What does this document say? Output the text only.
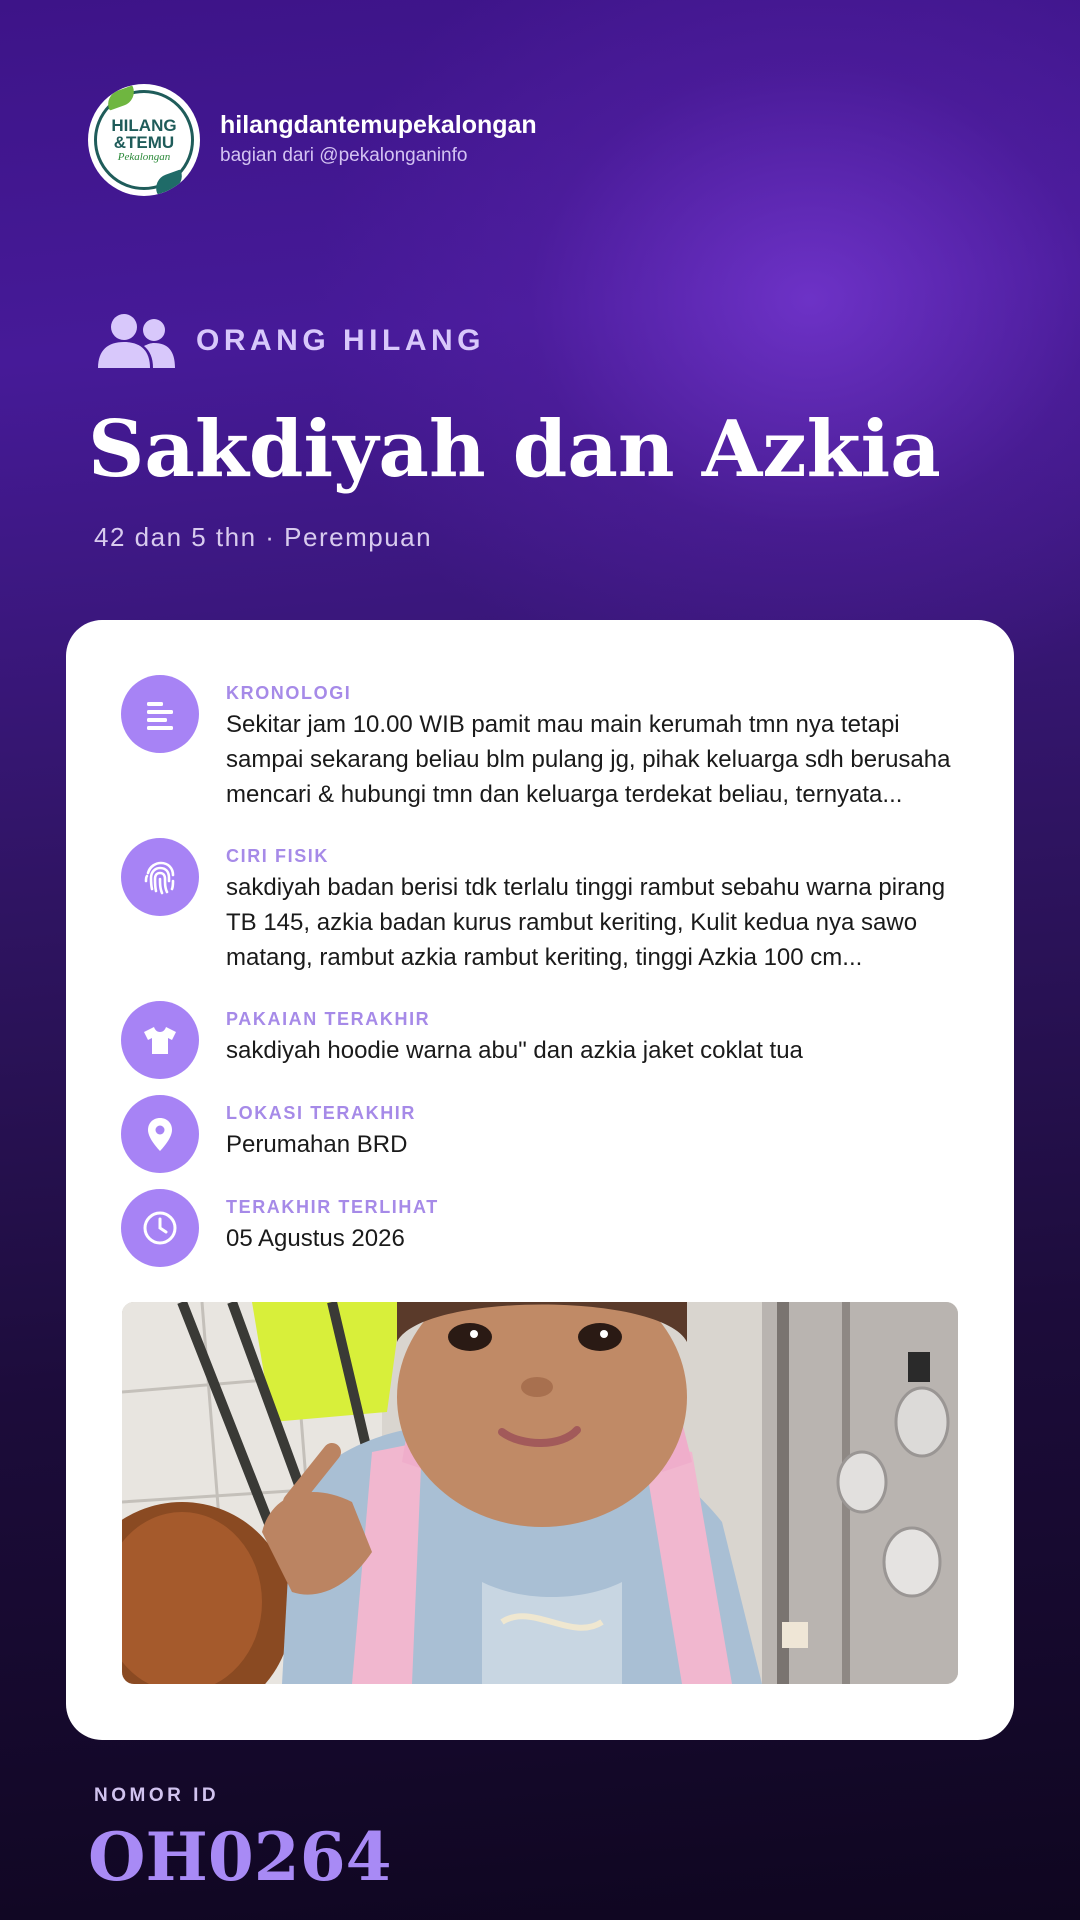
HILANG
&TEMU
Pekalongan
hilangdantemupekalongan
bagian dari @pekalonganinfo
ORANG HILANG
Sakdiyah dan Azkia
42 dan 5 thn · Perempuan
KRONOLOGI
Sekitar jam 10.00 WIB pamit mau main kerumah tmn nya tetapi sampai sekarang beliau blm pulang jg, pihak keluarga sdh berusaha mencari & hubungi tmn dan keluarga terdekat beliau, ternyata...
CIRI FISIK
sakdiyah badan berisi tdk terlalu tinggi rambut sebahu warna pirang TB 145, azkia badan kurus rambut keriting, Kulit kedua nya sawo matang, rambut azkia rambut keriting, tinggi Azkia 100 cm...
PAKAIAN TERAKHIR
sakdiyah hoodie warna abu" dan azkia jaket coklat tua
LOKASI TERAKHIR
Perumahan BRD
TERAKHIR TERLIHAT
05 Agustus 2026
NOMOR ID
OH0264
